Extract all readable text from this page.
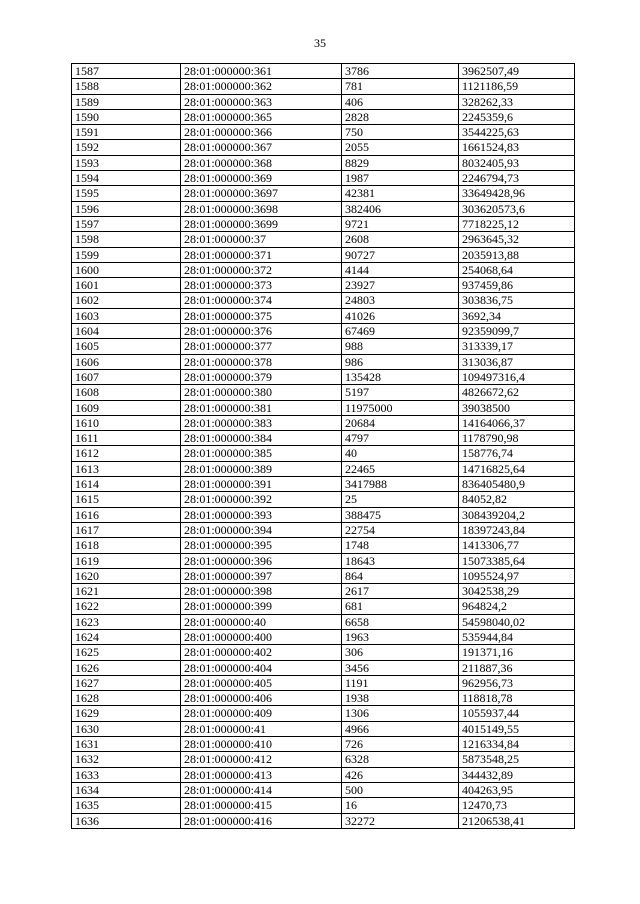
35
1587	28:01:000000:361	3786	3962507,49
1588	28:01:000000:362	781	1121186,59
1589	28:01:000000:363	406	328262,33
1590	28:01:000000:365	2828	2245359,6
1591	28:01:000000:366	750	3544225,63
1592	28:01:000000:367	2055	1661524,83
1593	28:01:000000:368	8829	8032405,93
1594	28:01:000000:369	1987	2246794,73
1595	28:01:000000:3697	42381	33649428,96
1596	28:01:000000:3698	382406	303620573,6
1597	28:01:000000:3699	9721	7718225,12
1598	28:01:000000:37	2608	2963645,32
1599	28:01:000000:371	90727	2035913,88
1600	28:01:000000:372	4144	254068,64
1601	28:01:000000:373	23927	937459,86
1602	28:01:000000:374	24803	303836,75
1603	28:01:000000:375	41026	3692,34
1604	28:01:000000:376	67469	92359099,7
1605	28:01:000000:377	988	313339,17
1606	28:01:000000:378	986	313036,87
1607	28:01:000000:379	135428	109497316,4
1608	28:01:000000:380	5197	4826672,62
1609	28:01:000000:381	11975000	39038500
1610	28:01:000000:383	20684	14164066,37
1611	28:01:000000:384	4797	1178790,98
1612	28:01:000000:385	40	158776,74
1613	28:01:000000:389	22465	14716825,64
1614	28:01:000000:391	3417988	836405480,9
1615	28:01:000000:392	25	84052,82
1616	28:01:000000:393	388475	308439204,2
1617	28:01:000000:394	22754	18397243,84
1618	28:01:000000:395	1748	1413306,77
1619	28:01:000000:396	18643	15073385,64
1620	28:01:000000:397	864	1095524,97
1621	28:01:000000:398	2617	3042538,29
1622	28:01:000000:399	681	964824,2
1623	28:01:000000:40	6658	54598040,02
1624	28:01:000000:400	1963	535944,84
1625	28:01:000000:402	306	191371,16
1626	28:01:000000:404	3456	211887,36
1627	28:01:000000:405	1191	962956,73
1628	28:01:000000:406	1938	118818,78
1629	28:01:000000:409	1306	1055937,44
1630	28:01:000000:41	4966	4015149,55
1631	28:01:000000:410	726	1216334,84
1632	28:01:000000:412	6328	5873548,25
1633	28:01:000000:413	426	344432,89
1634	28:01:000000:414	500	404263,95
1635	28:01:000000:415	16	12470,73
1636	28:01:000000:416	32272	21206538,41
